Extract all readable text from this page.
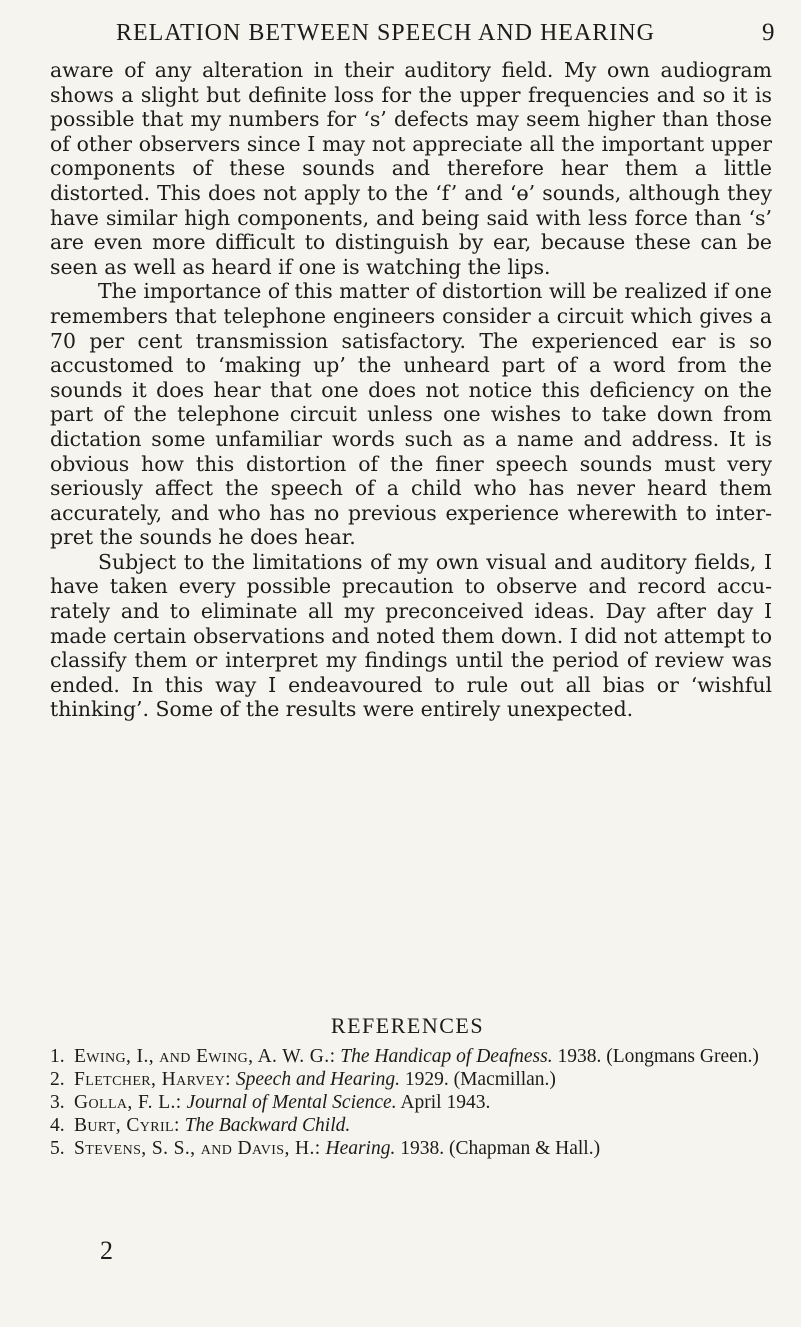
RELATION BETWEEN SPEECH AND HEARING	9

aware of any alteration in their auditory field. My own audiogram shows a slight but definite loss for the upper frequencies and so it is possible that my numbers for ‘s’ defects may seem higher than those of other observers since I may not appreciate all the important upper components of these sounds and therefore hear them a little distorted. This does not apply to the ‘f’ and ‘ɵ’ sounds, although they have similar high components, and being said with less force than ‘s’ are even more difficult to distinguish by ear, because these can be seen as well as heard if one is watching the lips.

The importance of this matter of distortion will be realized if one remembers that telephone engineers consider a circuit which gives a 70 per cent transmission satisfactory. The experienced ear is so accustomed to ‘making up’ the unheard part of a word from the sounds it does hear that one does not notice this deficiency on the part of the telephone circuit unless one wishes to take down from dictation some unfamiliar words such as a name and address. It is obvious how this distortion of the finer speech sounds must very seriously affect the speech of a child who has never heard them accurately, and who has no previous experience wherewith to interpret the sounds he does hear.

Subject to the limitations of my own visual and auditory fields, I have taken every possible precaution to observe and record accurately and to eliminate all my preconceived ideas. Day after day I made certain observations and noted them down. I did not attempt to classify them or interpret my findings until the period of review was ended. In this way I endeavoured to rule out all bias or ‘wishful thinking’. Some of the results were entirely unexpected.

REFERENCES
1. Ewing, I., and Ewing, A. W. G.: The Handicap of Deafness. 1938. (Longmans Green.)
2. Fletcher, Harvey: Speech and Hearing. 1929. (Macmillan.)
3. Golla, F. L.: Journal of Mental Science. April 1943.
4. Burt, Cyril: The Backward Child.
5. Stevens, S. S., and Davis, H.: Hearing. 1938. (Chapman & Hall.)
2
